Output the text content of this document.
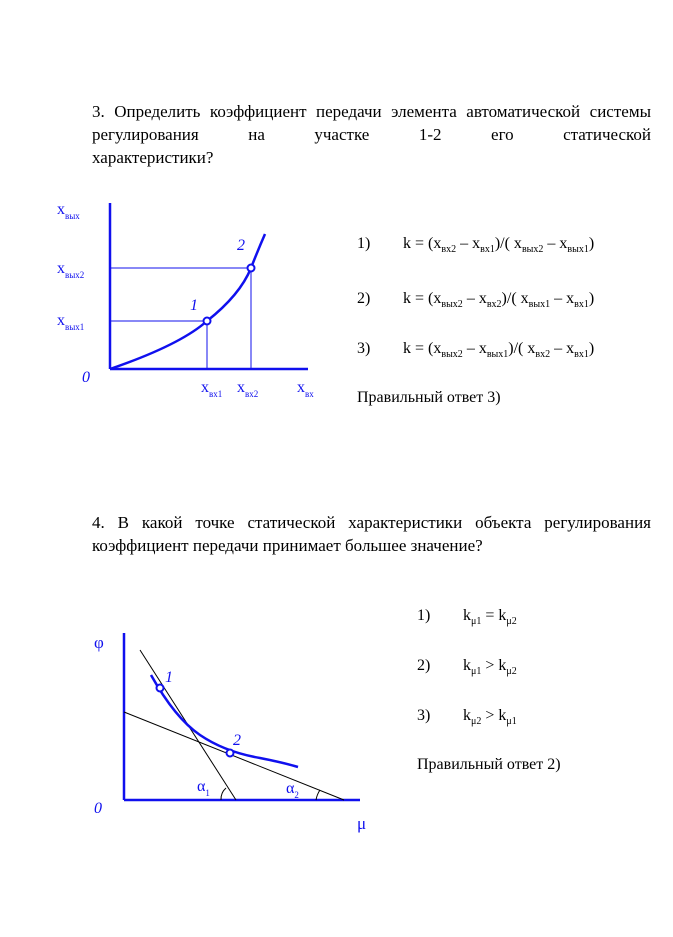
3. Определить коэффициент передачи элемента автоматической системы регулирования на участке 1-2 его статической
характеристики?
1
2
$x_{вых}$
$x_{вых2}$
$x_{вых1}$
0
$x_{вх1}$ $x_{вх2}$ $x_{вх}$
1
2
φ
0
μ
$\alpha_1$	$\alpha_2$
1) $k = (x_{вх2} - x_{вх1})/$( $x_{вых2} - x_{вых1}$)
2) $k = (x_{вых2} - x_{вх2})/$( $x_{вых1} - x_{вх1}$)
3) $k = (x_{вых2} - x_{вых1})/$( $x_{вх2} - x_{вх1}$)
Правильный ответ 3)
4. В какой точке статической характеристики объекта регулирования
коэффициент передачи принимает большее значение?
1) $k_{\mu 1} = k_{\mu 2}$
2) $k_{\mu 1} > k_{\mu 2}$
3) $k_{\mu 2} > k_{\mu 1}$
Правильный ответ 2)
